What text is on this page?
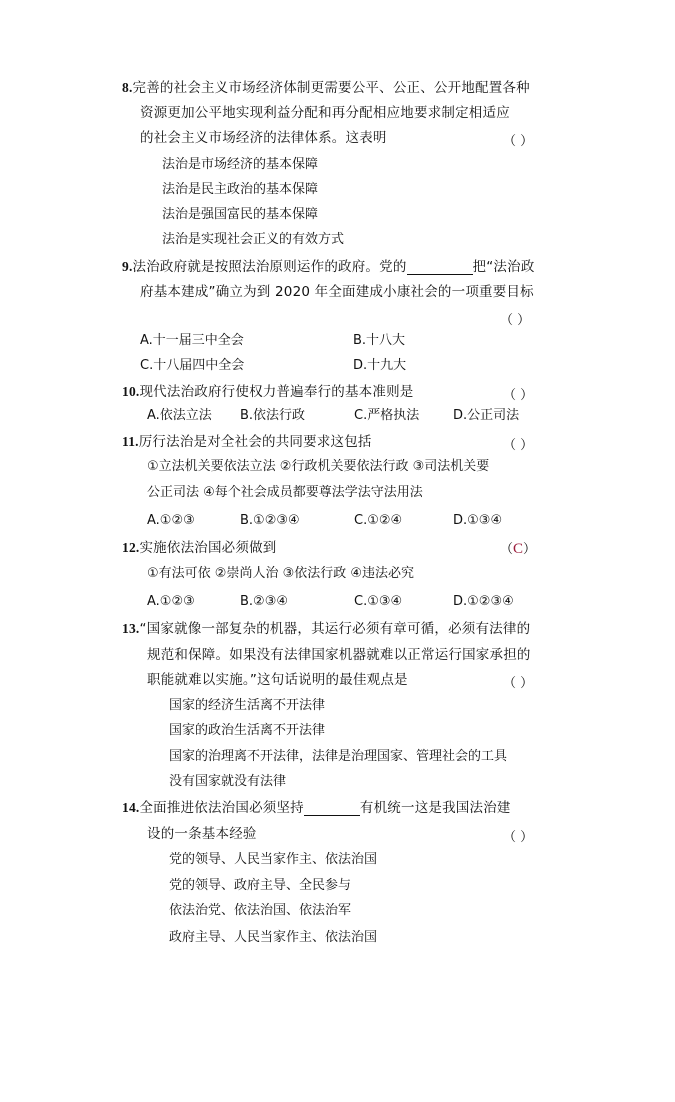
8.完善的社会主义市场经济体制更需要公平、公正、公开地配置各种
资源更加公平地实现利益分配和再分配相应地要求制定相适应
的社会主义市场经济的法律体系。这表明	（ ）
法治是市场经济的基本保障
法治是民主政治的基本保障
法治是强国富民的基本保障
法治是实现社会正义的有效方式
9.法治政府就是按照法治原则运作的政府。党的	把“法治政
府基本建成”确立为到 2020 年全面建成小康社会的一项重要目标
（ ）
A.十一届三中全会	B.十八大
C.十八届四中全会	D.十九大
10.现代法治政府行使权力普遍奉行的基本准则是	（ ）
A.依法立法 B.依法行政	C.严格执法	D.公正司法
11.厉行法治是对全社会的共同要求这包括	（ ）
①立法机关要依法立法 ②行政机关要依法行政 ③司法机关要
公正司法 ④每个社会成员都要尊法学法守法用法
A.①②③	B.①②③④	C.①②④	D.①③④
12.实施依法治国必须做到	（C）
①有法可依 ②崇尚人治 ③依法行政 ④违法必究
A.①②③	B.②③④	C.①③④	D.①②③④
13.“国家就像一部复杂的机器，其运行必须有章可循，必须有法律的
规范和保障。如果没有法律国家机器就难以正常运行国家承担的
职能就难以实施。”这句话说明的最佳观点是	（ ）
国家的经济生活离不开法律
国家的政治生活离不开法律
国家的治理离不开法律，法律是治理国家、管理社会的工具
没有国家就没有法律
14.全面推进依法治国必须坚持	有机统一这是我国法治建
设的一条基本经验	（ ）
党的领导、人民当家作主、依法治国
党的领导、政府主导、全民参与
依法治党、依法治国、依法治军
政府主导、人民当家作主、依法治国
